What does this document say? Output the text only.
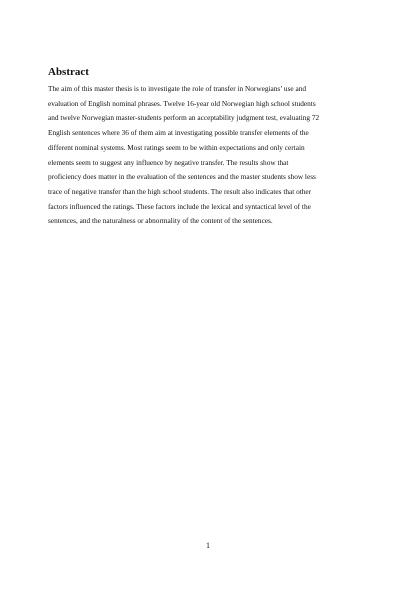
Abstract

The aim of this master thesis is to investigate the role of transfer in Norwegians’ use and
evaluation of English nominal phrases. Twelve 16-year old Norwegian high school students
and twelve Norwegian master-students perform an acceptability judgment test, evaluating 72
English sentences where 36 of them aim at investigating possible transfer elements of the
different nominal systems. Most ratings seem to be within expectations and only certain
elements seem to suggest any influence by negative transfer. The results show that
proficiency does matter in the evaluation of the sentences and the master students show less
trace of negative transfer than the high school students. The result also indicates that other
factors influenced the ratings. These factors include the lexical and syntactical level of the
sentences, and the naturalness or abnormality of the content of the sentences.

1
